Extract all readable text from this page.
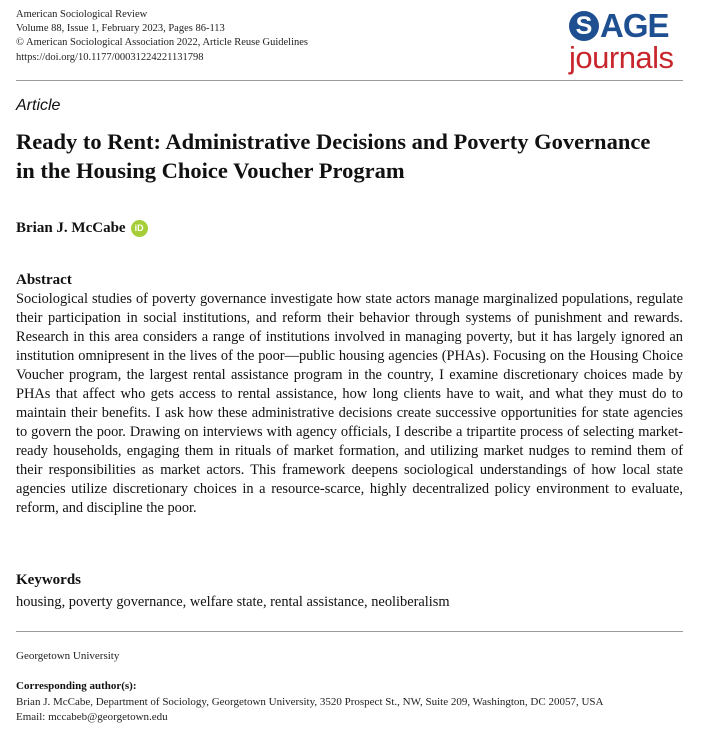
American Sociological Review
Volume 88, Issue 1, February 2023, Pages 86-113
© American Sociological Association 2022, Article Reuse Guidelines
https://doi.org/10.1177/00031224221131798
S AGE
journals
Article
Ready to Rent: Administrative Decisions and Poverty Governance in the Housing Choice Voucher Program
Brian J. McCabe	iD
Abstract
Sociological studies of poverty governance investigate how state actors manage marginalized populations, regulate their participation in social institutions, and reform their behavior through systems of punishment and rewards. Research in this area considers a range of institutions involved in managing poverty, but it has largely ignored an institution omnipresent in the lives of the poor—public housing agencies (PHAs). Focusing on the Housing Choice Voucher program, the largest rental assistance program in the country, I examine discretionary choices made by PHAs that affect who gets access to rental assistance, how long clients have to wait, and what they must do to maintain their benefits. I ask how these administrative decisions create successive opportunities for state agencies to govern the poor. Drawing on interviews with agency officials, I describe a tripartite process of selecting market-ready households, engaging them in rituals of market formation, and utilizing market nudges to remind them of their responsibilities as market actors. This framework deepens sociological understandings of how local state agencies utilize discretionary choices in a resource-scarce, highly decentralized policy environment to evaluate, reform, and discipline the poor.
Keywords
housing, poverty governance, welfare state, rental assistance, neoliberalism
Georgetown University
Corresponding author(s):
Brian J. McCabe, Department of Sociology, Georgetown University, 3520 Prospect St., NW, Suite 209, Washington, DC 20057, USA
Email: mccabeb@georgetown.edu
